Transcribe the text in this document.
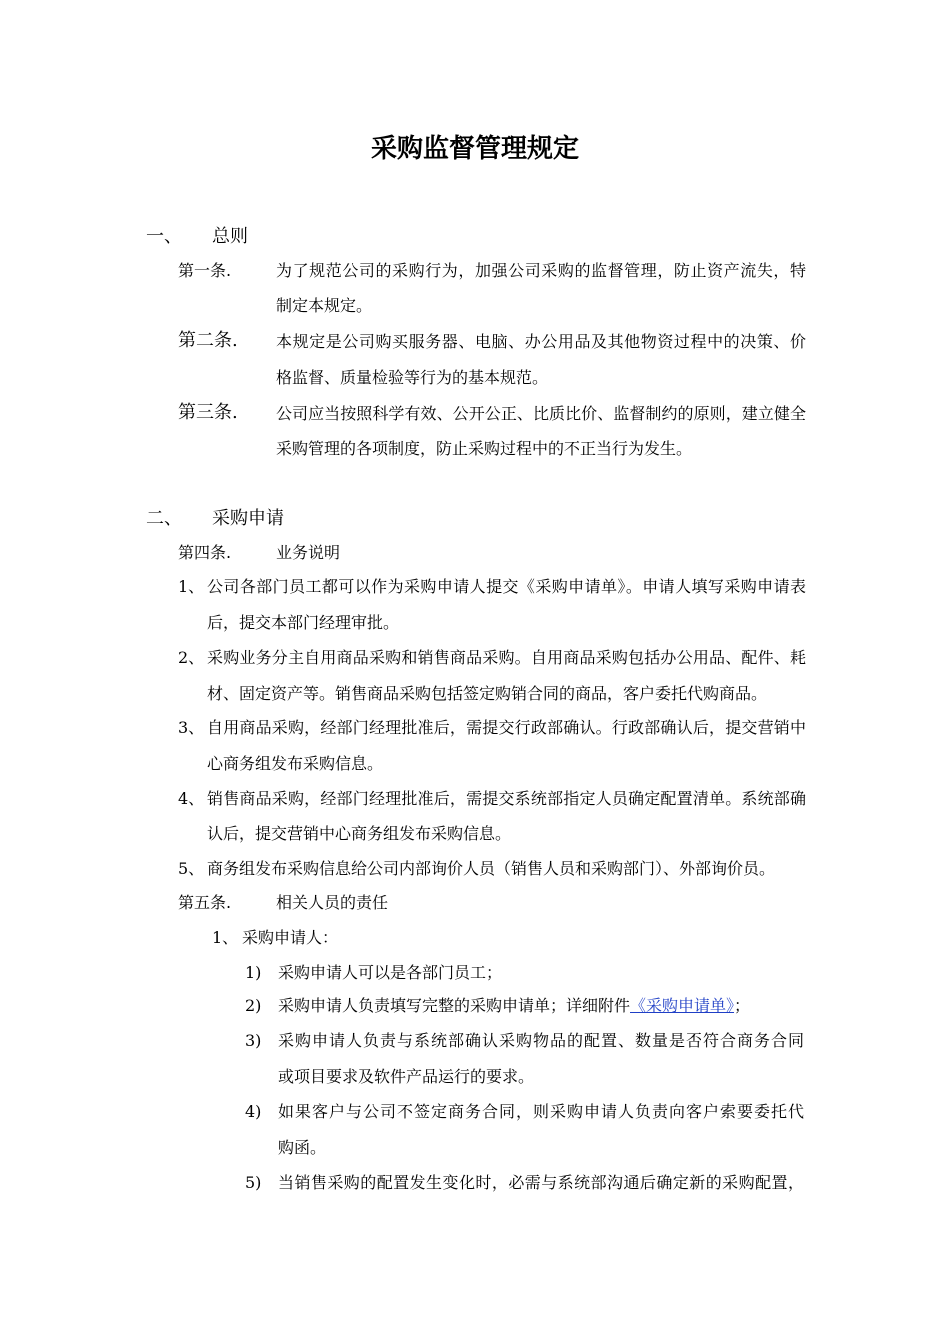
采购监督管理规定
一、 总则
第一条.	为了规范公司的采购行为，加强公司采购的监督管理，防止资产流失，特
制定本规定。
第二条. 本规定是公司购买服务器、电脑、办公用品及其他物资过程中的决策、价
格监督、质量检验等行为的基本规范。
第三条. 公司应当按照科学有效、公开公正、比质比价、监督制约的原则，建立健全
采购管理的各项制度，防止采购过程中的不正当行为发生。
二、 采购申请
第四条.	业务说明
1、 公司各部门员工都可以作为采购申请人提交《采购申请单》。申请人填写采购申请表
后，提交本部门经理审批。
2、 采购业务分主自用商品采购和销售商品采购。自用商品采购包括办公用品、配件、耗
材、固定资产等。销售商品采购包括签定购销合同的商品，客户委托代购商品。
3、 自用商品采购，经部门经理批准后，需提交行政部确认。行政部确认后，提交营销中
心商务组发布采购信息。
4、 销售商品采购，经部门经理批准后，需提交系统部指定人员确定配置清单。系统部确
认后，提交营销中心商务组发布采购信息。
5、 商务组发布采购信息给公司内部询价人员（销售人员和采购部门）、外部询价员。
第五条.	相关人员的责任
1、 采购申请人：
1) 采购申请人可以是各部门员工；
2) 采购申请人负责填写完整的采购申请单；详细附件《采购申请单》；
3) 采购申请人负责与系统部确认采购物品的配置、数量是否符合商务合同
或项目要求及软件产品运行的要求。
4) 如果客户与公司不签定商务合同，则采购申请人负责向客户索要委托代
购函。
5) 当销售采购的配置发生变化时，必需与系统部沟通后确定新的采购配置，
